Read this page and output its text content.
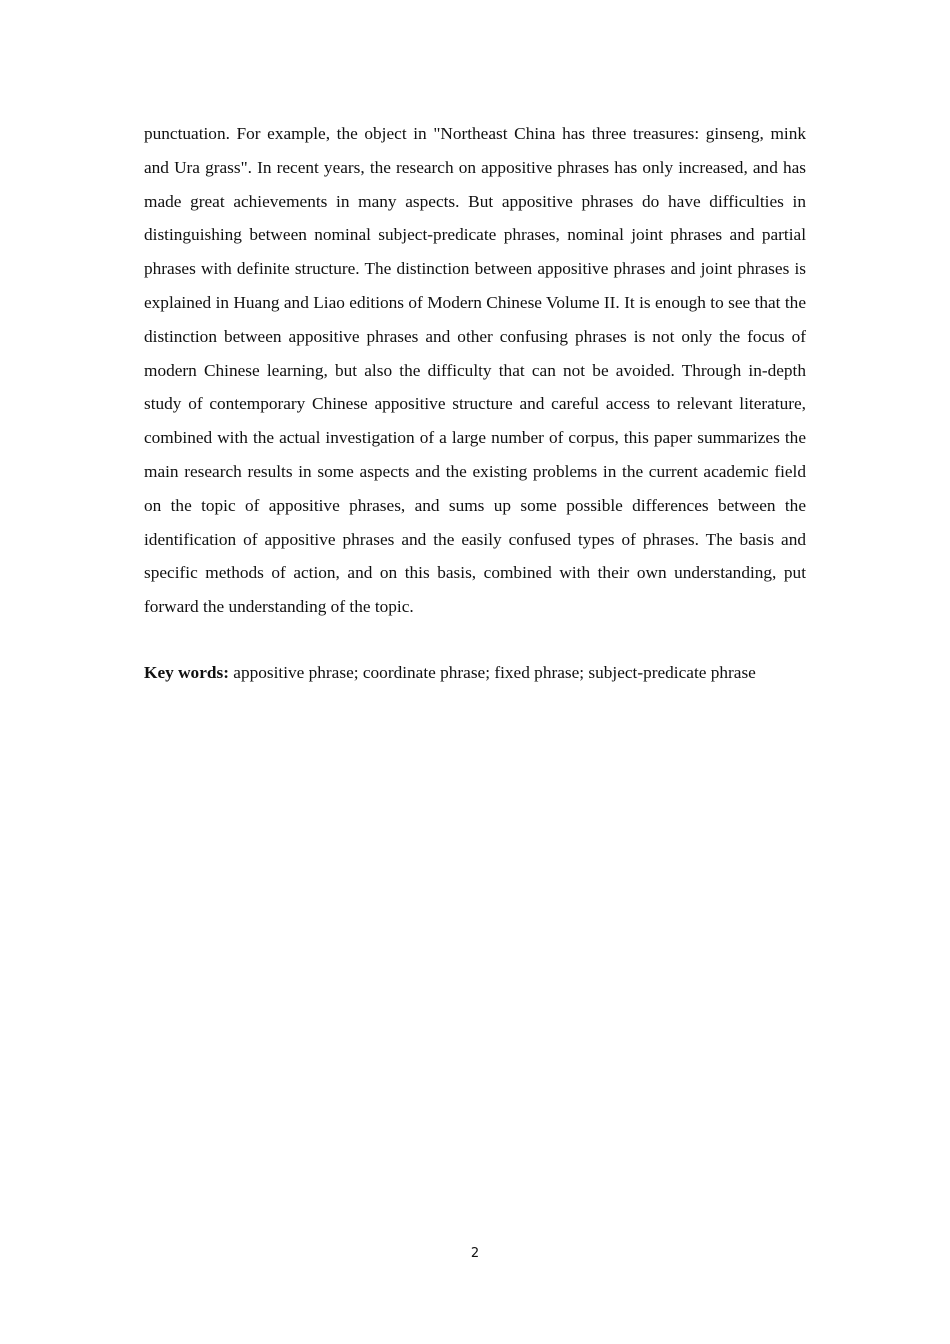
punctuation. For example, the object in "Northeast China has three treasures: ginseng, mink and Ura grass". In recent years, the research on appositive phrases has only increased, and has made great achievements in many aspects. But appositive phrases do have difficulties in distinguishing between nominal subject-predicate phrases, nominal joint phrases and partial phrases with definite structure. The distinction between appositive phrases and joint phrases is explained in Huang and Liao editions of Modern Chinese Volume II. It is enough to see that the distinction between appositive phrases and other confusing phrases is not only the focus of modern Chinese learning, but also the difficulty that can not be avoided. Through in-depth study of contemporary Chinese appositive structure and careful access to relevant literature, combined with the actual investigation of a large number of corpus, this paper summarizes the main research results in some aspects and the existing problems in the current academic field on the topic of appositive phrases, and sums up some possible differences between the identification of appositive phrases and the easily confused types of phrases. The basis and specific methods of action, and on this basis, combined with their own understanding, put forward the understanding of the topic.

Key words: appositive phrase; coordinate phrase; fixed phrase; subject-predicate phrase

2
